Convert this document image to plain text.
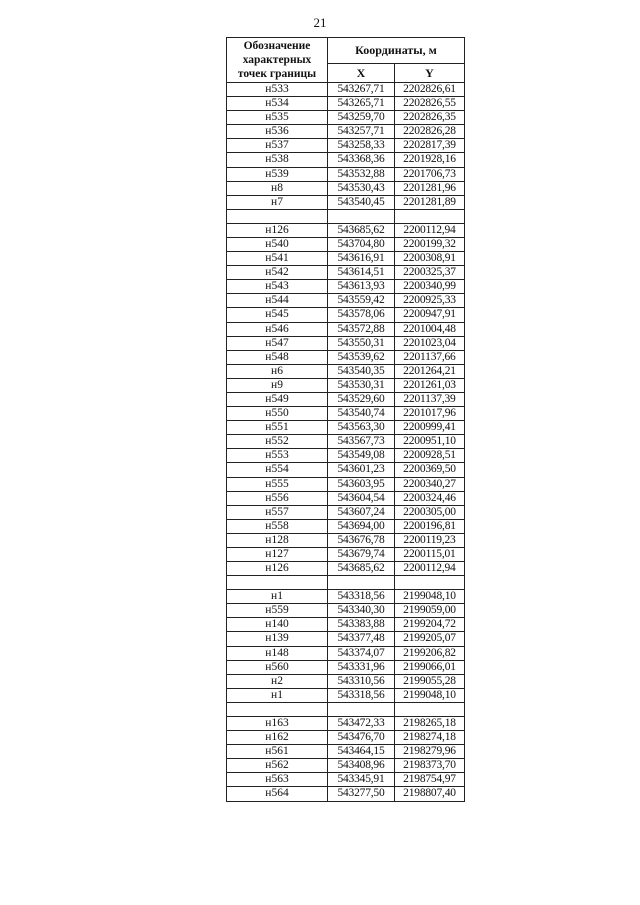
21
Обозначение характерных точек границы	Координаты, м	
	X	Y
н533	543267,71	2202826,61
н534	543265,71	2202826,55
н535	543259,70	2202826,35
н536	543257,71	2202826,28
н537	543258,33	2202817,39
н538	543368,36	2201928,16
н539	543532,88	2201706,73
н8	543530,43	2201281,96
н7	543540,45	2201281,89

н126	543685,62	2200112,94
н540	543704,80	2200199,32
н541	543616,91	2200308,91
н542	543614,51	2200325,37
н543	543613,93	2200340,99
н544	543559,42	2200925,33
н545	543578,06	2200947,91
н546	543572,88	2201004,48
н547	543550,31	2201023,04
н548	543539,62	2201137,66
н6	543540,35	2201264,21
н9	543530,31	2201261,03
н549	543529,60	2201137,39
н550	543540,74	2201017,96
н551	543563,30	2200999,41
н552	543567,73	2200951,10
н553	543549,08	2200928,51
н554	543601,23	2200369,50
н555	543603,95	2200340,27
н556	543604,54	2200324,46
н557	543607,24	2200305,00
н558	543694,00	2200196,81
н128	543676,78	2200119,23
н127	543679,74	2200115,01
н126	543685,62	2200112,94

н1	543318,56	2199048,10
н559	543340,30	2199059,00
н140	543383,88	2199204,72
н139	543377,48	2199205,07
н148	543374,07	2199206,82
н560	543331,96	2199066,01
н2	543310,56	2199055,28
н1	543318,56	2199048,10

н163	543472,33	2198265,18
н162	543476,70	2198274,18
н561	543464,15	2198279,96
н562	543408,96	2198373,70
н563	543345,91	2198754,97
н564	543277,50	2198807,40
